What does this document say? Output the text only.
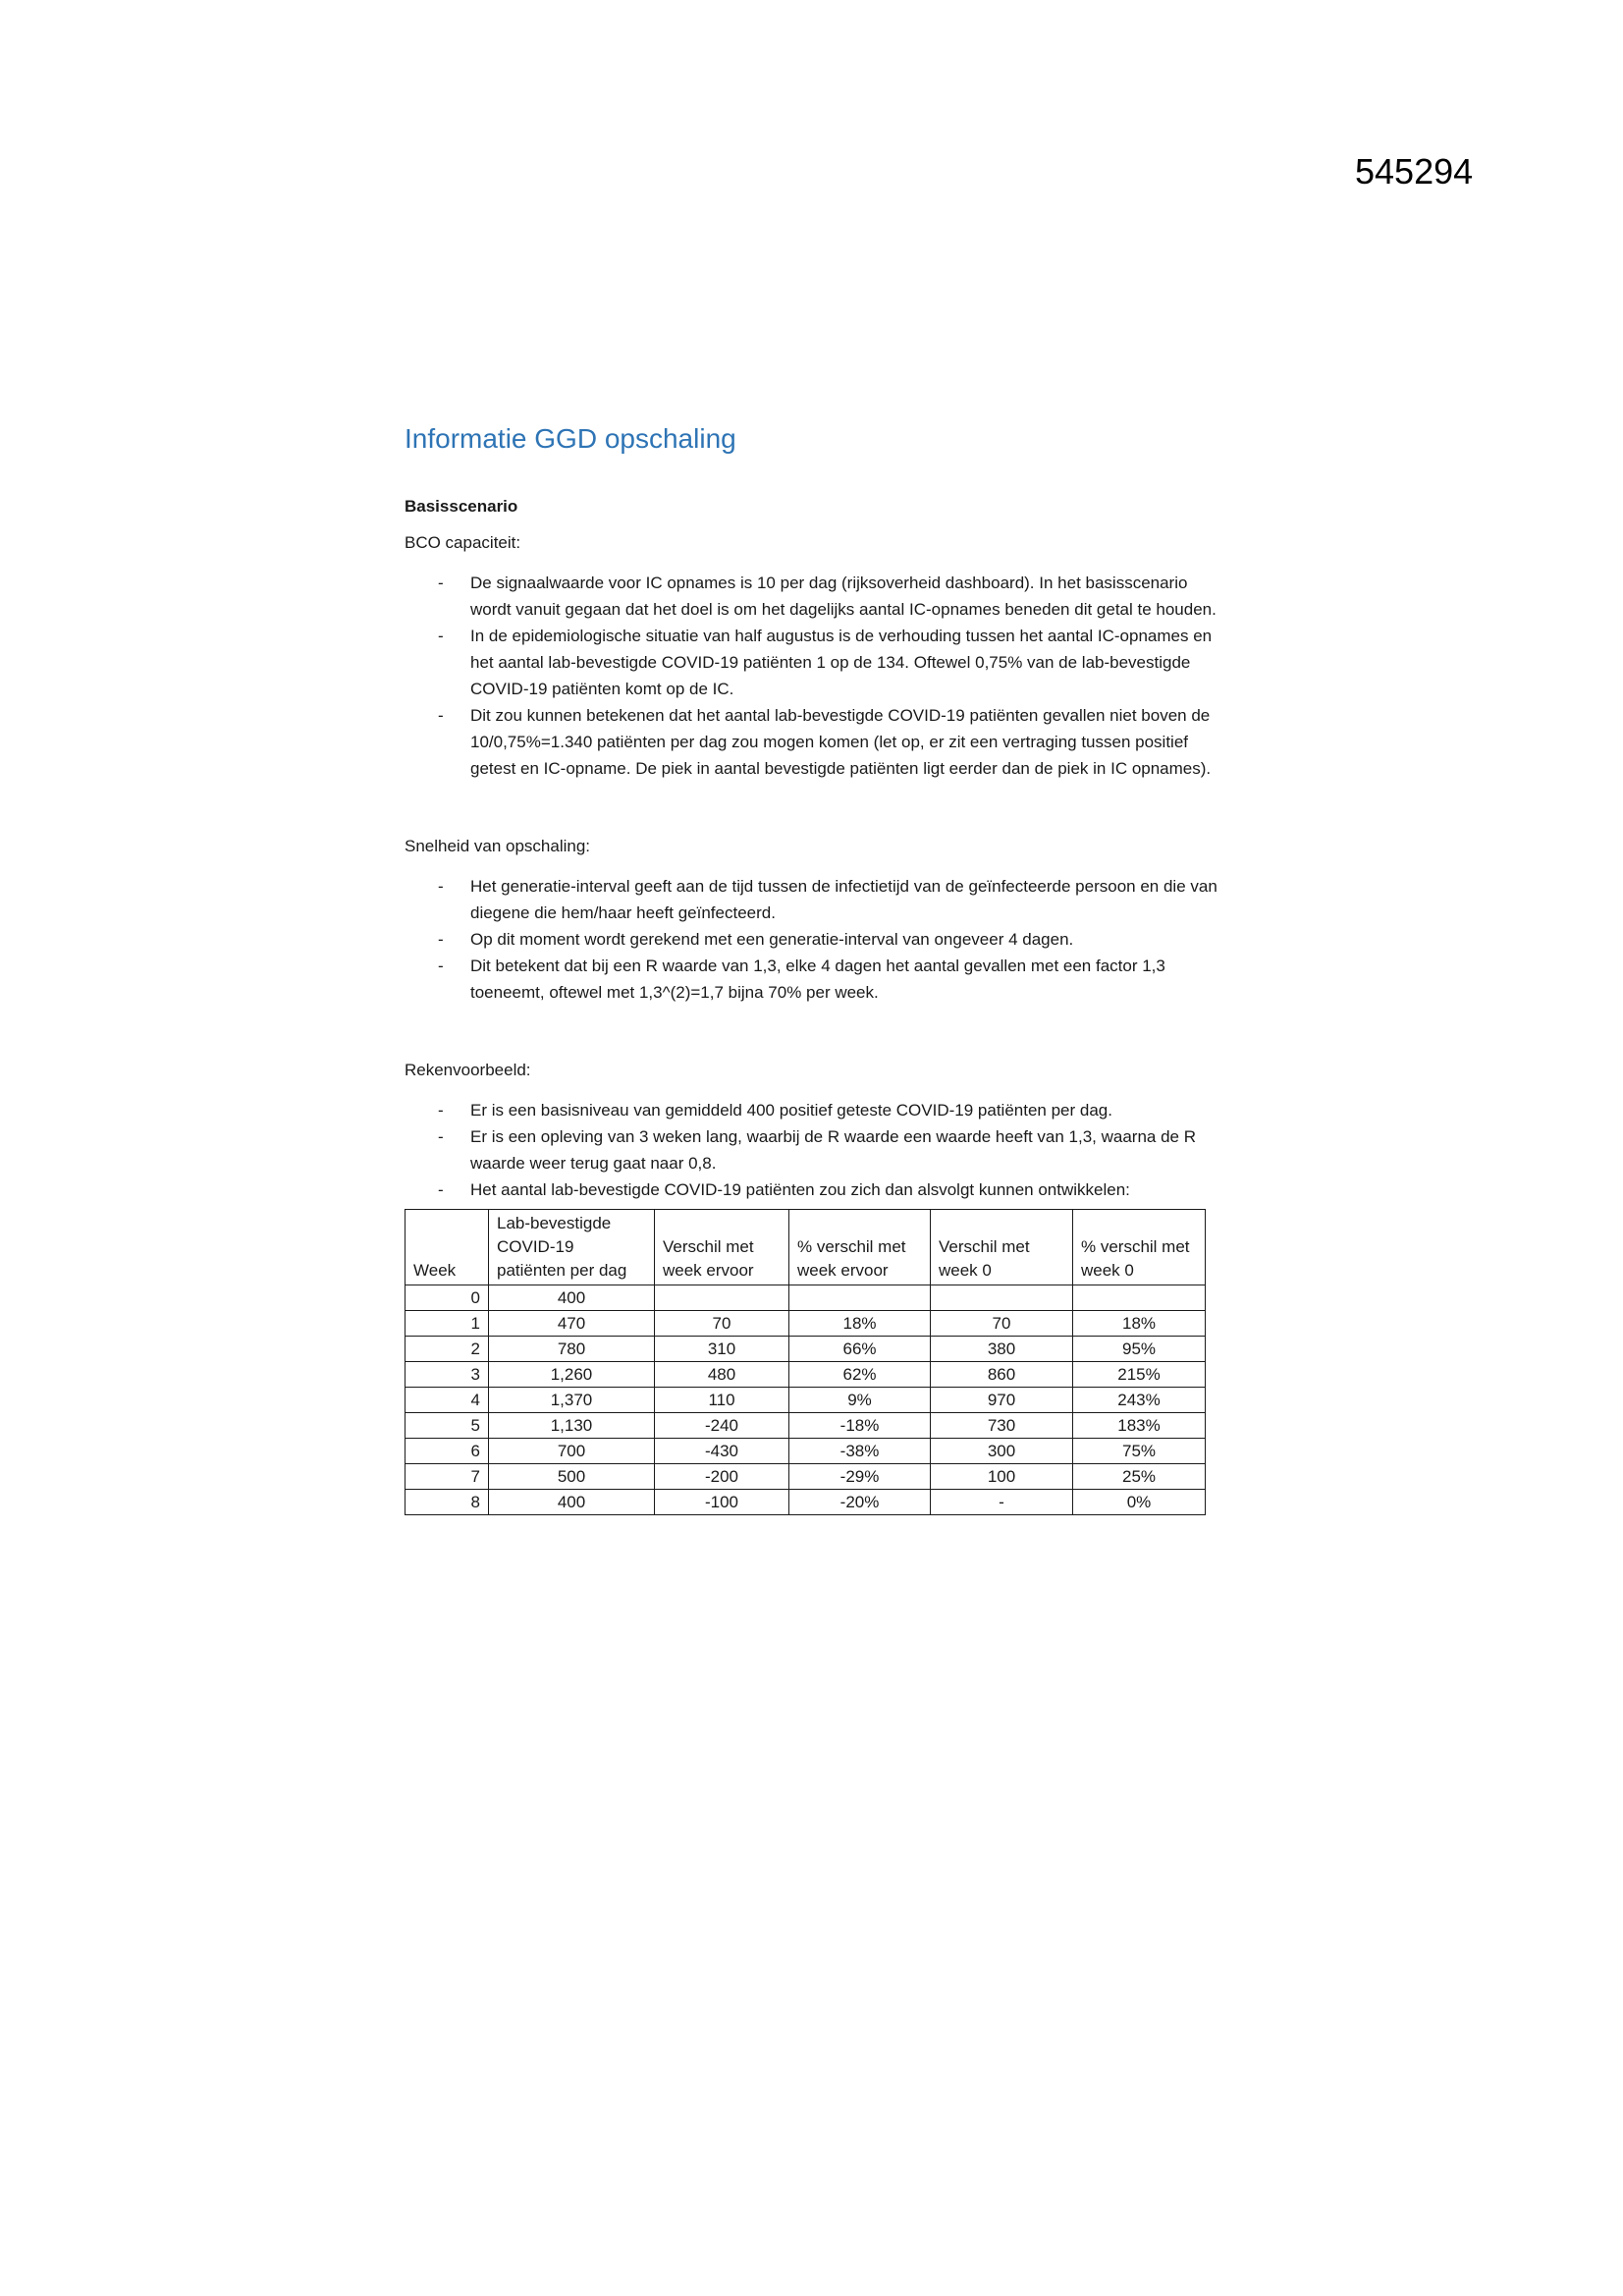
545294
Informatie GGD opschaling
Basisscenario
BCO capaciteit:
- De signaalwaarde voor IC opnames is 10 per dag (rijksoverheid dashboard). In het basisscenario wordt vanuit gegaan dat het doel is om het dagelijks aantal IC-opnames beneden dit getal te houden.
- In de epidemiologische situatie van half augustus is de verhouding tussen het aantal IC-opnames en het aantal lab-bevestigde COVID-19 patiënten 1 op de 134. Oftewel 0,75% van de lab-bevestigde COVID-19 patiënten komt op de IC.
- Dit zou kunnen betekenen dat het aantal lab-bevestigde COVID-19 patiënten gevallen niet boven de 10/0,75%=1.340 patiënten per dag zou mogen komen (let op, er zit een vertraging tussen positief getest en IC-opname. De piek in aantal bevestigde patiënten ligt eerder dan de piek in IC opnames).
Snelheid van opschaling:
- Het generatie-interval geeft aan de tijd tussen de infectietijd van de geïnfecteerde persoon en die van diegene die hem/haar heeft geïnfecteerd.
- Op dit moment wordt gerekend met een generatie-interval van ongeveer 4 dagen.
- Dit betekent dat bij een R waarde van 1,3, elke 4 dagen het aantal gevallen met een factor 1,3 toeneemt, oftewel met 1,3^(2)=1,7 bijna 70% per week.
Rekenvoorbeeld:
- Er is een basisniveau van gemiddeld 400 positief geteste COVID-19 patiënten per dag.
- Er is een opleving van 3 weken lang, waarbij de R waarde een waarde heeft van 1,3, waarna de R waarde weer terug gaat naar 0,8.
- Het aantal lab-bevestigde COVID-19 patiënten zou zich dan alsvolgt kunnen ontwikkelen:
Week	Lab-bevestigde COVID-19 patiënten per dag	Verschil met week ervoor	% verschil met week ervoor	Verschil met week 0	% verschil met week 0
0	400				
1	470	70	18%	70	18%
2	780	310	66%	380	95%
3	1,260	480	62%	860	215%
4	1,370	110	9%	970	243%
5	1,130	-240	-18%	730	183%
6	700	-430	-38%	300	75%
7	500	-200	-29%	100	25%
8	400	-100	-20%	-	0%
